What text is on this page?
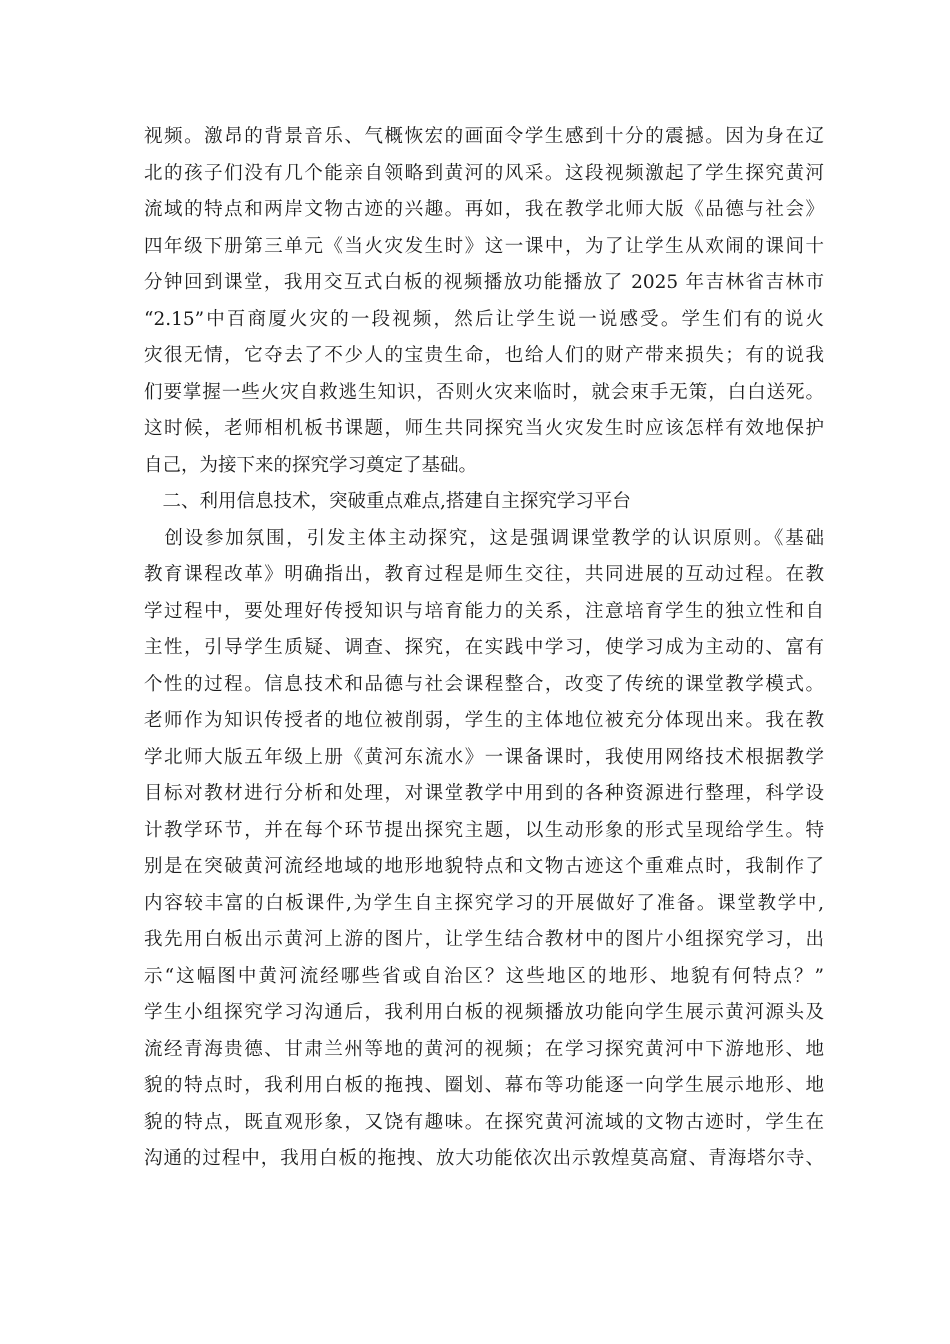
视频。激昂的背景音乐、气概恢宏的画面令学生感到十分的震撼。因为身在辽
北的孩子们没有几个能亲自领略到黄河的风采。这段视频激起了学生探究黄河
流域的特点和两岸文物古迹的兴趣。再如，我在教学北师大版《品德与社会》
四年级下册第三单元《当火灾发生时》这一课中，为了让学生从欢闹的课间十
分钟回到课堂，我用交互式白板的视频播放功能播放了 2025 年吉林省吉林市
“2.15”中百商厦火灾的一段视频，然后让学生说一说感受。学生们有的说火
灾很无情，它夺去了不少人的宝贵生命，也给人们的财产带来损失；有的说我
们要掌握一些火灾自救逃生知识，否则火灾来临时，就会束手无策，白白送死。
这时候，老师相机板书课题，师生共同探究当火灾发生时应该怎样有效地保护
自己，为接下来的探究学习奠定了基础。
　二、利用信息技术，突破重点难点,搭建自主探究学习平台
　创设参加氛围，引发主体主动探究，这是强调课堂教学的认识原则。《基础
教育课程改革》明确指出，教育过程是师生交往，共同进展的互动过程。在教
学过程中，要处理好传授知识与培育能力的关系，注意培育学生的独立性和自
主性，引导学生质疑、调查、探究，在实践中学习，使学习成为主动的、富有
个性的过程。信息技术和品德与社会课程整合，改变了传统的课堂教学模式。
老师作为知识传授者的地位被削弱，学生的主体地位被充分体现出来。我在教
学北师大版五年级上册《黄河东流水》一课备课时，我使用网络技术根据教学
目标对教材进行分析和处理，对课堂教学中用到的各种资源进行整理，科学设
计教学环节，并在每个环节提出探究主题，以生动形象的形式呈现给学生。特
别是在突破黄河流经地域的地形地貌特点和文物古迹这个重难点时，我制作了
内容较丰富的白板课件,为学生自主探究学习的开展做好了准备。课堂教学中,
我先用白板出示黄河上游的图片，让学生结合教材中的图片小组探究学习，出
示“这幅图中黄河流经哪些省或自治区？这些地区的地形、地貌有何特点？”
学生小组探究学习沟通后，我利用白板的视频播放功能向学生展示黄河源头及
流经青海贵德、甘肃兰州等地的黄河的视频；在学习探究黄河中下游地形、地
貌的特点时，我利用白板的拖拽、圈划、幕布等功能逐一向学生展示地形、地
貌的特点，既直观形象，又饶有趣味。在探究黄河流域的文物古迹时，学生在
沟通的过程中，我用白板的拖拽、放大功能依次出示敦煌莫高窟、青海塔尔寺、
